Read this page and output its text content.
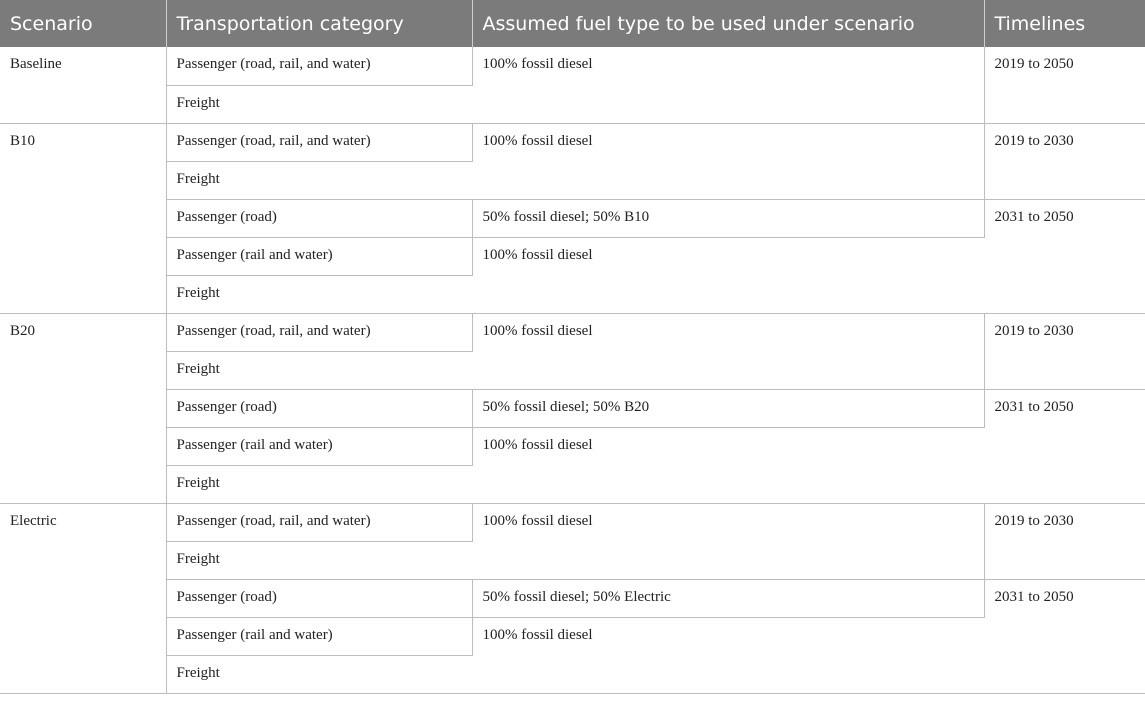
Scenario	Transportation category	Assumed fuel type to be used under scenario	Timelines
Baseline	Passenger (road, rail, and water)	100% fossil diesel	2019 to 2050
	Freight		
B10	Passenger (road, rail, and water)	100% fossil diesel	2019 to 2030
	Freight		
	Passenger (road)	50% fossil diesel; 50% B10	2031 to 2050
	Passenger (rail and water)	100% fossil diesel	
	Freight		
B20	Passenger (road, rail, and water)	100% fossil diesel	2019 to 2030
	Freight		
	Passenger (road)	50% fossil diesel; 50% B20	2031 to 2050
	Passenger (rail and water)	100% fossil diesel	
	Freight		
Electric	Passenger (road, rail, and water)	100% fossil diesel	2019 to 2030
	Freight		
	Passenger (road)	50% fossil diesel; 50% Electric	2031 to 2050
	Passenger (rail and water)	100% fossil diesel	
	Freight		
